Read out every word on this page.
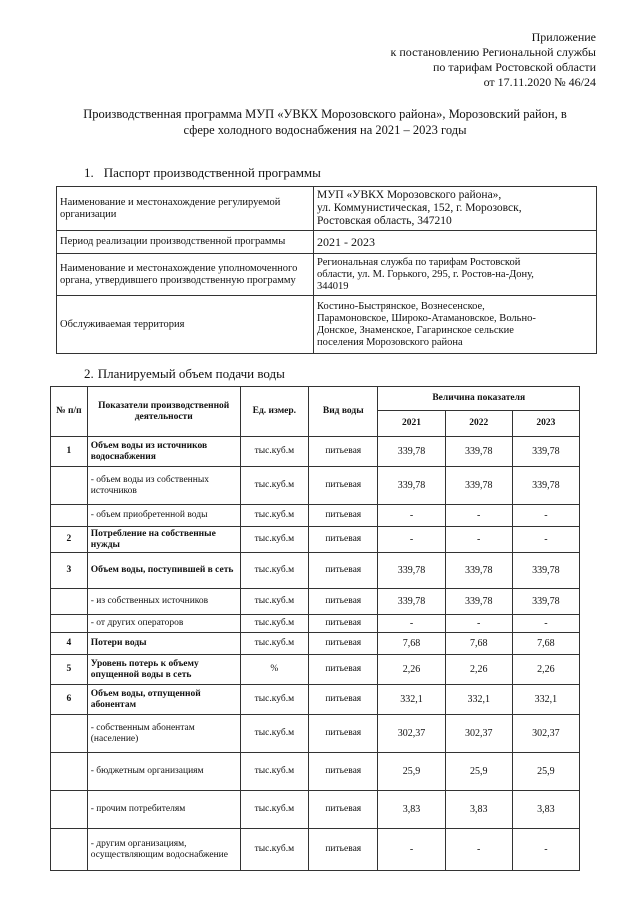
Приложение
к постановлению Региональной службы
по тарифам Ростовской области
от 17.11.2020 № 46/24
Производственная программа МУП «УВКХ Морозовского района», Морозовский район, в
сфере холодного водоснабжения на 2021 – 2023 годы
1. Паспорт производственной программы
Наименование и местонахождение регулируемой организации	МУП «УВКХ Морозовского района»,
ул. Коммунистическая, 152, г. Морозовск,
Ростовская область, 347210

Период реализации производственной программы	2021 - 2023

Наименование и местонахождение уполномоченного органа, утвердившего производственную программу	Региональная служба по тарифам Ростовской
области, ул. М. Горького, 295, г. Ростов-на-Дону,
344019

Обслуживаемая территория	Костино-Быстрянское, Вознесенское,
Парамоновское, Широко-Атамановское, Вольно-
Донское, Знаменское, Гагаринское сельские
поселения Морозовского района
2. Планируемый объем подачи воды
№ п/п	Показатели производственной деятельности	Ед. измер.	Вид воды	Величина показателя		
				2021	2022	2023
1	Объем воды из источников водоснабжения	тыс.куб.м	питьевая	339,78	339,78	339,78
	- объем воды из собственных источников	тыс.куб.м	питьевая	339,78	339,78	339,78
	- объем приобретенной воды	тыс.куб.м	питьевая	-	-	-
2	Потребление на собственные нужды	тыс.куб.м	питьевая	-	-	-
3	Объем воды, поступившей в сеть	тыс.куб.м	питьевая	339,78	339,78	339,78
	- из собственных источников	тыс.куб.м	питьевая	339,78	339,78	339,78
	- от других операторов	тыс.куб.м	питьевая	-	-	-
4	Потери воды	тыс.куб.м	питьевая	7,68	7,68	7,68
5	Уровень потерь к объему опущенной воды в сеть	%	питьевая	2,26	2,26	2,26
6	Объем воды, отпущенной абонентам	тыс.куб.м	питьевая	332,1	332,1	332,1
	- собственным абонентам (население)	тыс.куб.м	питьевая	302,37	302,37	302,37
	- бюджетным организациям	тыс.куб.м	питьевая	25,9	25,9	25,9
	- прочим потребителям	тыс.куб.м	питьевая	3,83	3,83	3,83
	- другим организациям, осуществляющим водоснабжение	тыс.куб.м	питьевая	-	-	-
